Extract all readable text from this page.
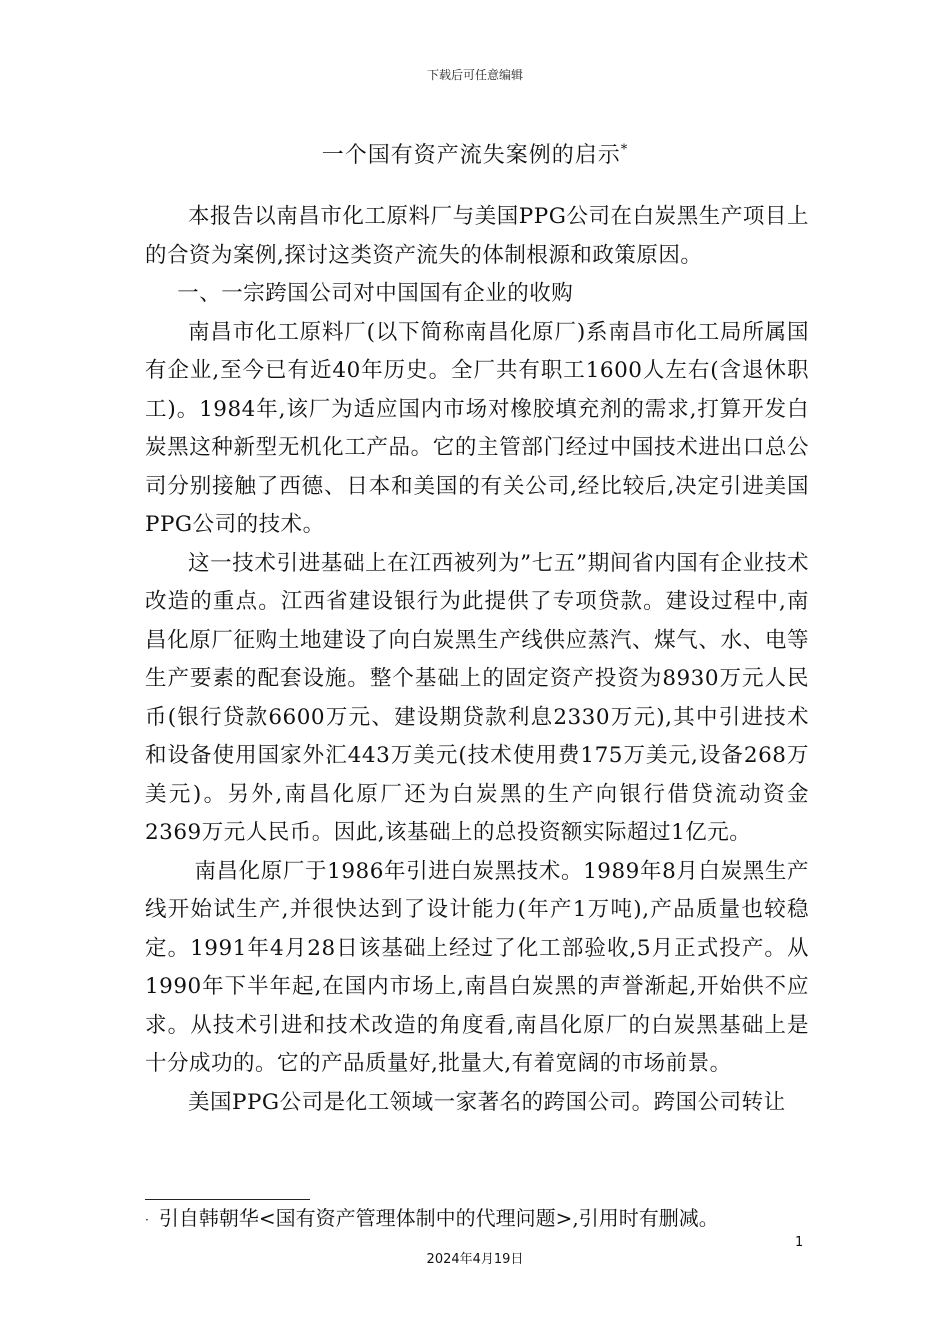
下载后可任意编辑
一个国有资产流失案例的启示*

本报告以南昌市化工原料厂与美国PPG公司在白炭黑生产项目上的合资为案例,探讨这类资产流失的体制根源和政策原因。

一、一宗跨国公司对中国国有企业的收购

南昌市化工原料厂(以下简称南昌化原厂)系南昌市化工局所属国有企业,至今已有近40年历史。全厂共有职工1600人左右(含退休职工)。1984年,该厂为适应国内市场对橡胶填充剂的需求,打算开发白炭黑这种新型无机化工产品。它的主管部门经过中国技术进出口总公司分别接触了西德、日本和美国的有关公司,经比较后,决定引进美国PPG公司的技术。

这一技术引进基础上在江西被列为”七五”期间省内国有企业技术改造的重点。江西省建设银行为此提供了专项贷款。建设过程中,南昌化原厂征购土地建设了向白炭黑生产线供应蒸汽、煤气、水、电等生产要素的配套设施。整个基础上的固定资产投资为8930万元人民币(银行贷款6600万元、建设期贷款利息2330万元),其中引进技术和设备使用国家外汇443万美元(技术使用费175万美元,设备268万美元)。另外,南昌化原厂还为白炭黑的生产向银行借贷流动资金2369万元人民币。因此,该基础上的总投资额实际超过1亿元。

南昌化原厂于1986年引进白炭黑技术。1989年8月白炭黑生产线开始试生产,并很快达到了设计能力(年产1万吨),产品质量也较稳定。1991年4月28日该基础上经过了化工部验收,5月正式投产。从1990年下半年起,在国内市场上,南昌白炭黑的声誉渐起,开始供不应求。从技术引进和技术改造的角度看,南昌化原厂的白炭黑基础上是十分成功的。它的产品质量好,批量大,有着宽阔的市场前景。

美国PPG公司是化工领域一家著名的跨国公司。跨国公司转让

· 引自韩朝华<国有资产管理体制中的代理问题>,引用时有删减。
1
2024年4月19日
